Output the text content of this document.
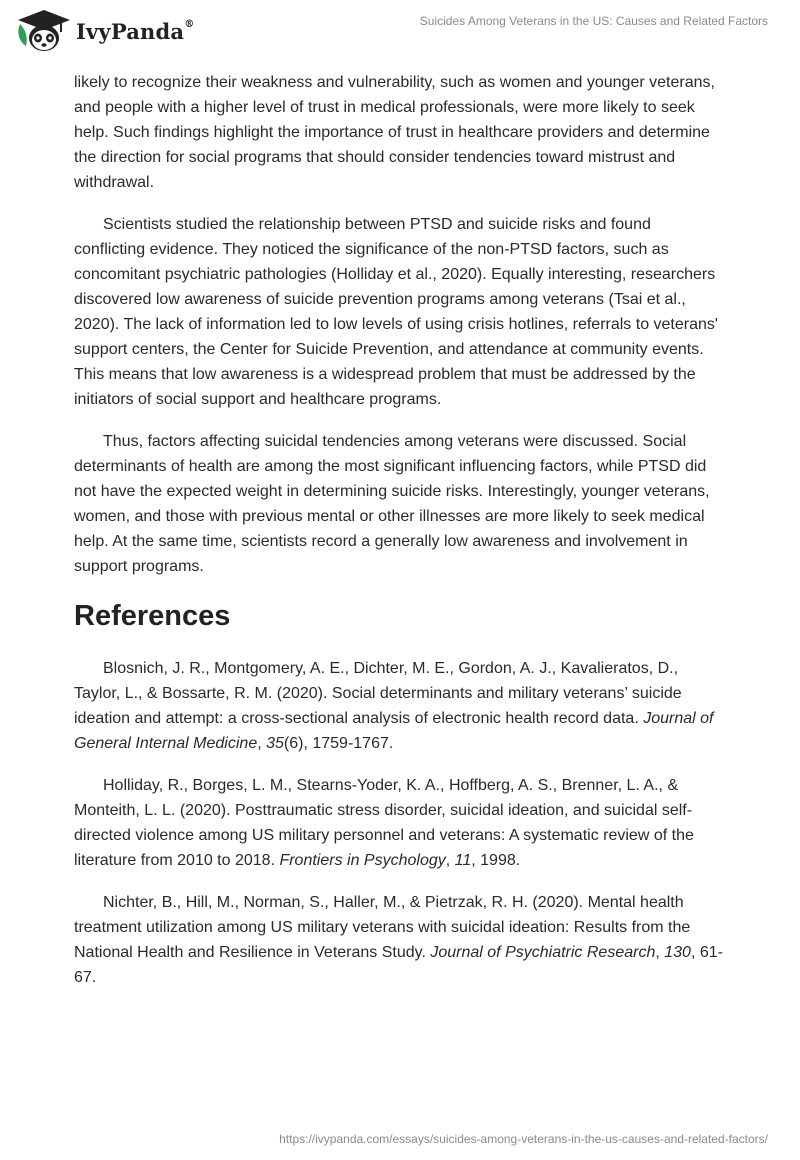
IvyPanda®	Suicides Among Veterans in the US: Causes and Related Factors

likely to recognize their weakness and vulnerability, such as women and younger veterans, and people with a higher level of trust in medical professionals, were more likely to seek help. Such findings highlight the importance of trust in healthcare providers and determine the direction for social programs that should consider tendencies toward mistrust and withdrawal.

Scientists studied the relationship between PTSD and suicide risks and found conflicting evidence. They noticed the significance of the non-PTSD factors, such as concomitant psychiatric pathologies (Holliday et al., 2020). Equally interesting, researchers discovered low awareness of suicide prevention programs among veterans (Tsai et al., 2020). The lack of information led to low levels of using crisis hotlines, referrals to veterans' support centers, the Center for Suicide Prevention, and attendance at community events. This means that low awareness is a widespread problem that must be addressed by the initiators of social support and healthcare programs.

Thus, factors affecting suicidal tendencies among veterans were discussed. Social determinants of health are among the most significant influencing factors, while PTSD did not have the expected weight in determining suicide risks. Interestingly, younger veterans, women, and those with previous mental or other illnesses are more likely to seek medical help. At the same time, scientists record a generally low awareness and involvement in support programs.

References

Blosnich, J. R., Montgomery, A. E., Dichter, M. E., Gordon, A. J., Kavalieratos, D., Taylor, L., & Bossarte, R. M. (2020). Social determinants and military veterans’ suicide ideation and attempt: a cross-sectional analysis of electronic health record data. Journal of General Internal Medicine, 35(6), 1759-1767.

Holliday, R., Borges, L. M., Stearns-Yoder, K. A., Hoffberg, A. S., Brenner, L. A., & Monteith, L. L. (2020). Posttraumatic stress disorder, suicidal ideation, and suicidal self-directed violence among US military personnel and veterans: A systematic review of the literature from 2010 to 2018. Frontiers in Psychology, 11, 1998.

Nichter, B., Hill, M., Norman, S., Haller, M., & Pietrzak, R. H. (2020). Mental health treatment utilization among US military veterans with suicidal ideation: Results from the National Health and Resilience in Veterans Study. Journal of Psychiatric Research, 130, 61-67.

https://ivypanda.com/essays/suicides-among-veterans-in-the-us-causes-and-related-factors/
